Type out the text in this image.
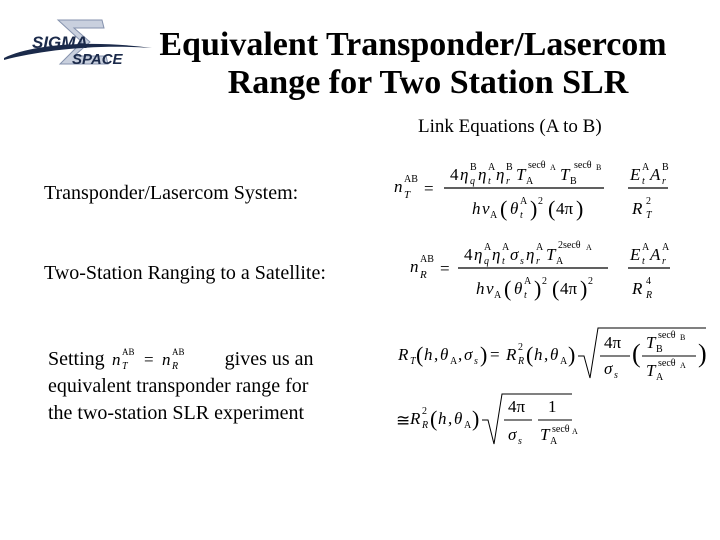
SIGMA
SPACE	Equivalent Transponder/Lasercom
Range for Two Station SLR
Link Equations (A to B)
Transponder/Lasercom System:
Two-Station Ranging to a Satellite:
n T
AB =
4 η q
B η t
A η r
B T A
secθ A T B
secθ B
h ν A ( θ t
A ) 2 ( 4π )
E t
A A r
B
R T
2
n R
AB =
4 η q
A η t
A σ s η r
A T A
2secθ A
h ν A ( θ t
A ) 2 ( 4π ) 2
E t
A A r
A
R R
4
Setting n T
AB = n R
AB gives us an
equivalent transponder range for
the two-station SLR experiment
R T ( h , θ A , σ s ) = R R
2 ( h , θ A ) 4π
σ s
( T B
secθ B
T A
secθ A )
≅ R R
2 ( h , θ A ) 4π
σ s
1
T A
secθ A
